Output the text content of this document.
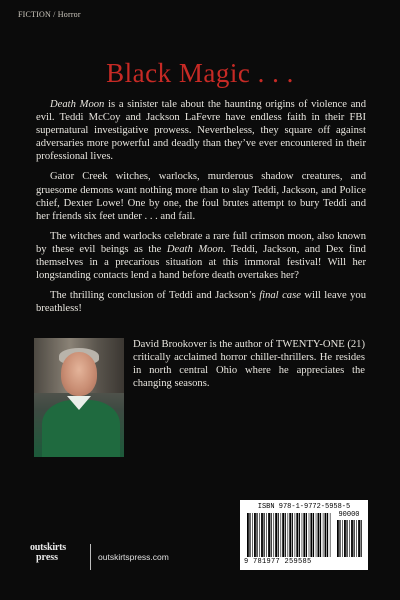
FICTION / Horror
Black Magic . . .

Death Moon is a sinister tale about the haunting origins of violence and evil. Teddi McCoy and Jackson LaFevre have endless faith in their FBI supernatural investigative prowess. Nevertheless, they square off against adversaries more powerful and deadly than they’ve ever encountered in their professional lives.

Gator Creek witches, warlocks, murderous shadow creatures, and gruesome demons want nothing more than to slay Teddi, Jackson, and Police chief, Dexter Lowe! One by one, the foul brutes attempt to bury Teddi and her friends six feet under . . . and fail.

The witches and warlocks celebrate a rare full crimson moon, also known by these evil beings as the Death Moon. Teddi, Jackson, and Dex find themselves in a precarious situation at this immoral festival! Will her longstanding contacts lend a hand before death overtakes her?

The thrilling conclusion of Teddi and Jackson’s final case will leave you breathless!

David Brookover is the author of TWENTY-ONE (21) critically acclaimed horror chiller-thrillers. He resides in north central Ohio where he appreciates the changing seasons.
ISBN 978-1-9772-5958-5
90000
9 781977 259585
outskirts
press	outskirtspress.com
